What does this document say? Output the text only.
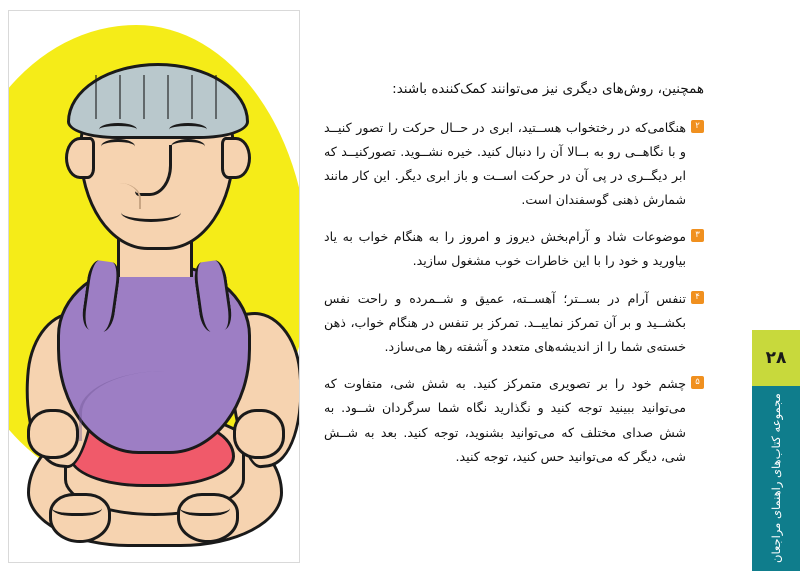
همچنین، روش‌های دیگری نیز می‌توانند کمک‌کننده باشند:

۲
هنگامی‌که در رختخواب هســتید، ابری در حــال حرکت را تصور کنیــد و با نگاهــی رو به بــالا آن را دنبال کنید. خیره نشــوید. تصورکنیــد که ابر دیگــری در پی آن در حرکت اســت و باز ابری دیگر. این کار مانند شمارش ذهنی گوسفندان است.

۳
موضوعات شاد و آرام‌بخش دیروز و امروز را به هنگام خواب به یاد بیاورید و خود را با این خاطرات خوب مشغول سازید.

۴
تنفس آرام در بســتر؛ آهســته، عمیق و شــمرده و راحت نفس بکشــید و بر آن تمرکز نماییــد. تمرکز بر تنفس در هنگام خواب، ذهن خسته‌ی شما را از اندیشه‌های متعدد و آشفته رها می‌سازد.

۵
چشم خود را بر تصویری متمرکز کنید. به شش شی، متفاوت که می‌توانید ببینید توجه کنید و نگذارید نگاه شما سرگردان شــود. به شش صدای مختلف که می‌توانید بشنوید، توجه کنید. بعد به شــش شی، دیگر که می‌توانید حس کنید، توجه کنید.

۲۸
مجموعه کتاب‌های راهنمای مراجعان
